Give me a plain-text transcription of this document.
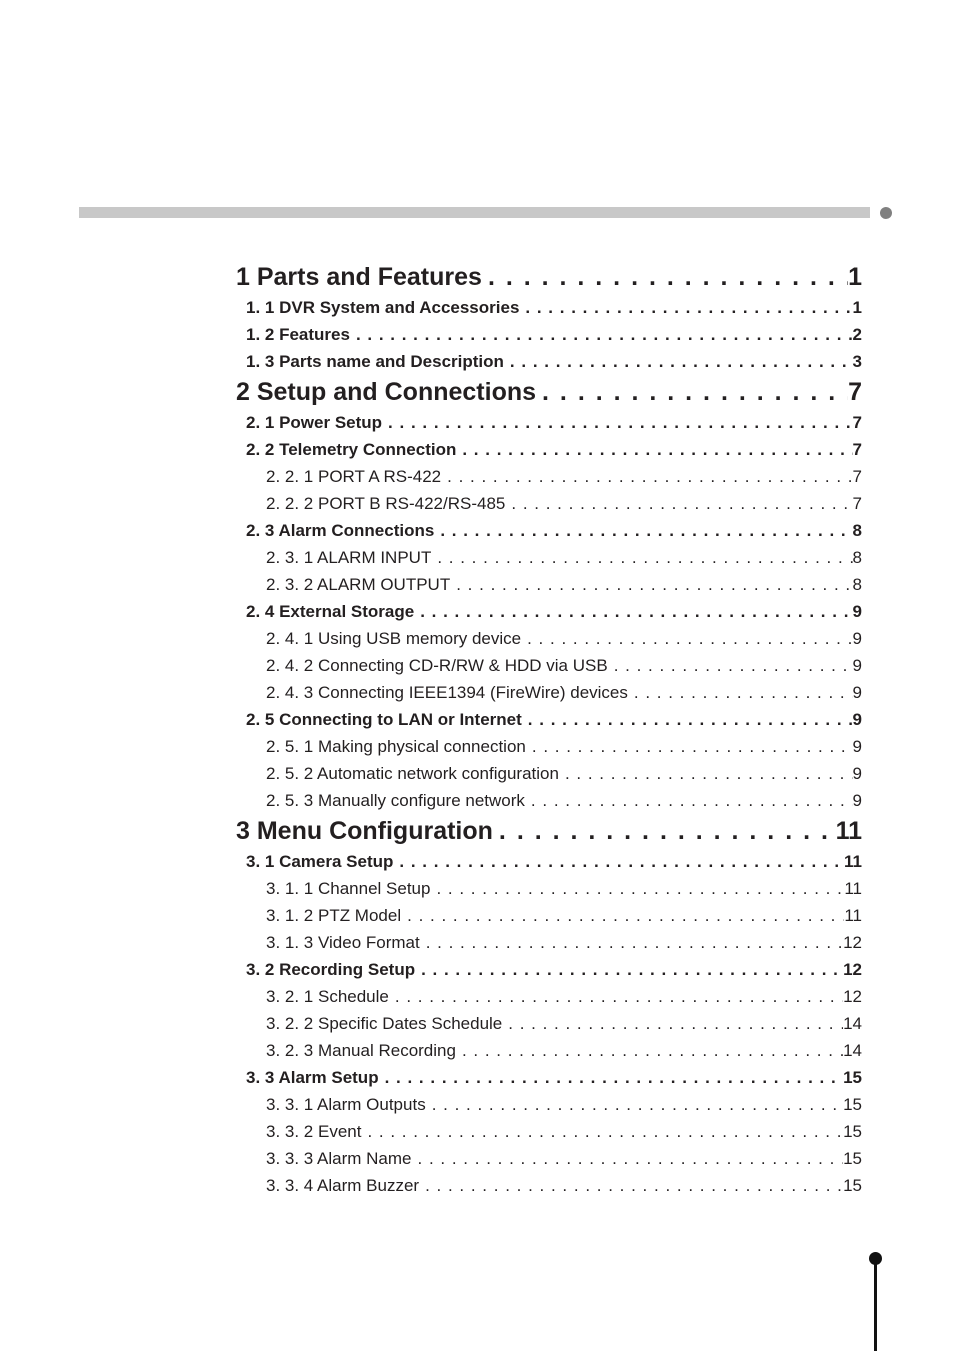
1 Parts and Features . . .	1
1. 1 DVR System and Accessories . . .	1
1. 2 Features . . .	2
1. 3 Parts name and Description . . .	3
2 Setup and Connections . . .	7
2. 1 Power Setup . . .	7
2. 2 Telemetry Connection . . .	7
2. 2. 1 PORT A RS-422 . . .	7
2. 2. 2 PORT B RS-422/RS-485 . . .	7
2. 3 Alarm Connections . . .	8
2. 3. 1 ALARM INPUT . . .	8
2. 3. 2 ALARM OUTPUT . . .	8
2. 4 External Storage . . .	9
2. 4. 1 Using USB memory device . . .	9
2. 4. 2 Connecting CD-R/RW & HDD via USB . . .	9
2. 4. 3 Connecting IEEE1394 (FireWire) devices . . .	9
2. 5 Connecting to LAN or Internet . . .	9
2. 5. 1 Making physical connection . . .	9
2. 5. 2 Automatic network configuration . . .	9
2. 5. 3 Manually configure network . . .	9
3 Menu Configuration . . .	11
3. 1 Camera Setup . . .	11
3. 1. 1 Channel Setup . . .	11
3. 1. 2 PTZ Model . . .	11
3. 1. 3 Video Format . . .	12
3. 2 Recording Setup . . .	12
3. 2. 1 Schedule . . .	12
3. 2. 2 Specific Dates Schedule . . .	14
3. 2. 3 Manual Recording . . .	14
3. 3 Alarm Setup . . .	15
3. 3. 1 Alarm Outputs . . .	15
3. 3. 2 Event . . .	15
3. 3. 3 Alarm Name . . .	15
3. 3. 4 Alarm Buzzer . . .	15
